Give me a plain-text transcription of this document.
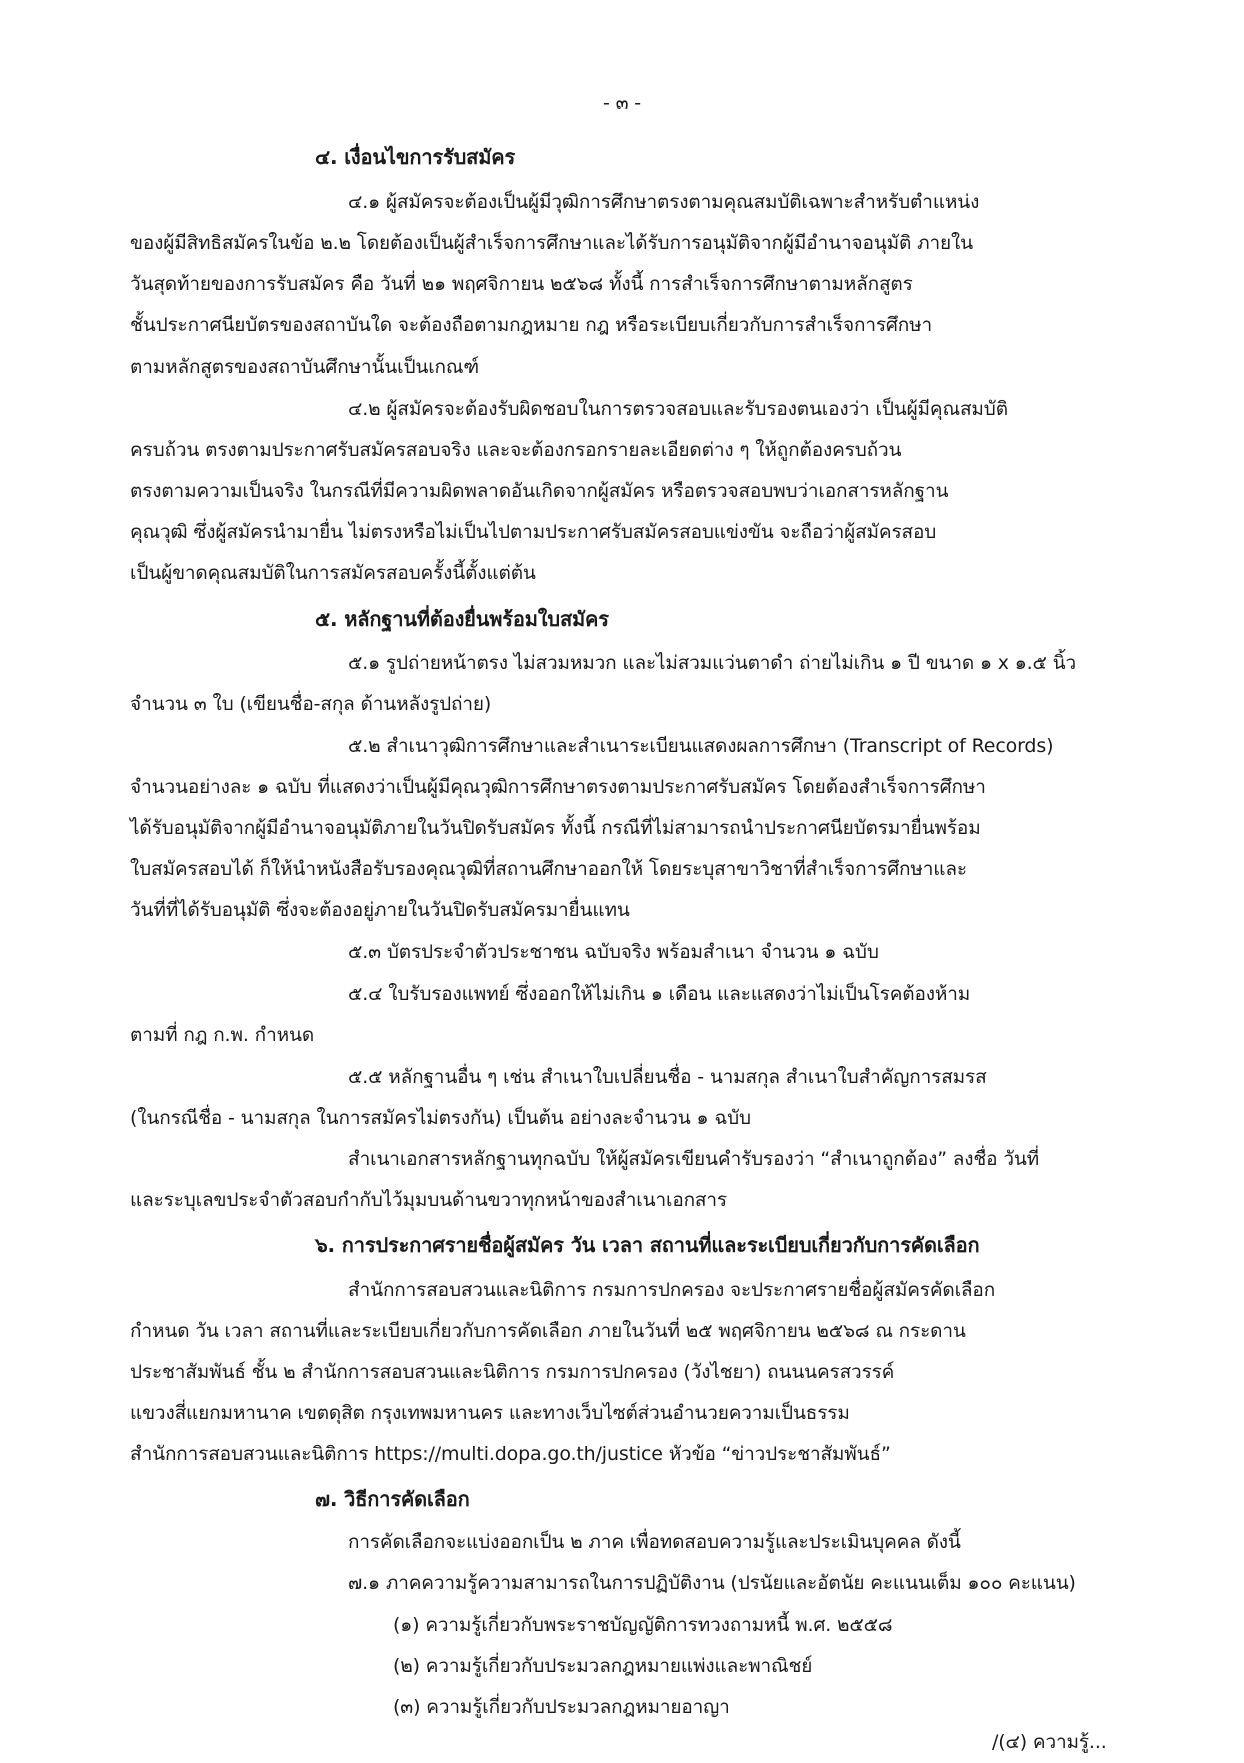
- ๓ -
๔. เงื่อนไขการรับสมัคร
๔.๑ ผู้สมัครจะต้องเป็นผู้มีวุฒิการศึกษาตรงตามคุณสมบัติเฉพาะสำหรับตำแหน่ง
ของผู้มีสิทธิสมัครในข้อ ๒.๒ โดยต้องเป็นผู้สำเร็จการศึกษาและได้รับการอนุมัติจากผู้มีอำนาจอนุมัติ ภายใน
วันสุดท้ายของการรับสมัคร คือ วันที่ ๒๑ พฤศจิกายน ๒๕๖๘ ทั้งนี้ การสำเร็จการศึกษาตามหลักสูตร
ชั้นประกาศนียบัตรของสถาบันใด จะต้องถือตามกฎหมาย กฎ หรือระเบียบเกี่ยวกับการสำเร็จการศึกษา
ตามหลักสูตรของสถาบันศึกษานั้นเป็นเกณฑ์
๔.๒ ผู้สมัครจะต้องรับผิดชอบในการตรวจสอบและรับรองตนเองว่า เป็นผู้มีคุณสมบัติ
ครบถ้วน ตรงตามประกาศรับสมัครสอบจริง และจะต้องกรอกรายละเอียดต่าง ๆ ให้ถูกต้องครบถ้วน
ตรงตามความเป็นจริง ในกรณีที่มีความผิดพลาดอันเกิดจากผู้สมัคร หรือตรวจสอบพบว่าเอกสารหลักฐาน
คุณวุฒิ ซึ่งผู้สมัครนำมายื่น ไม่ตรงหรือไม่เป็นไปตามประกาศรับสมัครสอบแข่งขัน จะถือว่าผู้สมัครสอบ
เป็นผู้ขาดคุณสมบัติในการสมัครสอบครั้งนี้ตั้งแต่ต้น
๕. หลักฐานที่ต้องยื่นพร้อมใบสมัคร
๕.๑ รูปถ่ายหน้าตรง ไม่สวมหมวก และไม่สวมแว่นตาดำ ถ่ายไม่เกิน ๑ ปี ขนาด ๑ x ๑.๕ นิ้ว
จำนวน ๓ ใบ (เขียนชื่อ-สกุล ด้านหลังรูปถ่าย)
๕.๒ สำเนาวุฒิการศึกษาและสำเนาระเบียนแสดงผลการศึกษา (Transcript of Records)
จำนวนอย่างละ ๑ ฉบับ ที่แสดงว่าเป็นผู้มีคุณวุฒิการศึกษาตรงตามประกาศรับสมัคร โดยต้องสำเร็จการศึกษา
ได้รับอนุมัติจากผู้มีอำนาจอนุมัติภายในวันปิดรับสมัคร ทั้งนี้ กรณีที่ไม่สามารถนำประกาศนียบัตรมายื่นพร้อม
ใบสมัครสอบได้ ก็ให้นำหนังสือรับรองคุณวุฒิที่สถานศึกษาออกให้ โดยระบุสาขาวิชาที่สำเร็จการศึกษาและ
วันที่ที่ได้รับอนุมัติ ซึ่งจะต้องอยู่ภายในวันปิดรับสมัครมายื่นแทน
๕.๓ บัตรประจำตัวประชาชน ฉบับจริง พร้อมสำเนา จำนวน ๑ ฉบับ
๕.๔ ใบรับรองแพทย์ ซึ่งออกให้ไม่เกิน ๑ เดือน และแสดงว่าไม่เป็นโรคต้องห้าม
ตามที่ กฎ ก.พ. กำหนด
๕.๕ หลักฐานอื่น ๆ เช่น สำเนาใบเปลี่ยนชื่อ - นามสกุล สำเนาใบสำคัญการสมรส
(ในกรณีชื่อ - นามสกุล ในการสมัครไม่ตรงกัน) เป็นต้น อย่างละจำนวน ๑ ฉบับ
สำเนาเอกสารหลักฐานทุกฉบับ ให้ผู้สมัครเขียนคำรับรองว่า “สำเนาถูกต้อง” ลงชื่อ วันที่
และระบุเลขประจำตัวสอบกำกับไว้มุมบนด้านขวาทุกหน้าของสำเนาเอกสาร
๖. การประกาศรายชื่อผู้สมัคร วัน เวลา สถานที่และระเบียบเกี่ยวกับการคัดเลือก
สำนักการสอบสวนและนิติการ กรมการปกครอง จะประกาศรายชื่อผู้สมัครคัดเลือก
กำหนด วัน เวลา สถานที่และระเบียบเกี่ยวกับการคัดเลือก ภายในวันที่ ๒๕ พฤศจิกายน ๒๕๖๘ ณ กระดาน
ประชาสัมพันธ์ ชั้น ๒ สำนักการสอบสวนและนิติการ กรมการปกครอง (วังไชยา) ถนนนครสวรรค์
แขวงสี่แยกมหานาค เขตดุสิต กรุงเทพมหานคร และทางเว็บไซต์ส่วนอำนวยความเป็นธรรม
สำนักการสอบสวนและนิติการ https://multi.dopa.go.th/justice หัวข้อ “ข่าวประชาสัมพันธ์”
๗. วิธีการคัดเลือก
การคัดเลือกจะแบ่งออกเป็น ๒ ภาค เพื่อทดสอบความรู้และประเมินบุคคล ดังนี้
๗.๑ ภาคความรู้ความสามารถในการปฏิบัติงาน (ปรนัยและอัตนัย คะแนนเต็ม ๑๐๐ คะแนน)
(๑) ความรู้เกี่ยวกับพระราชบัญญัติการทวงถามหนี้ พ.ศ. ๒๕๕๘
(๒) ความรู้เกี่ยวกับประมวลกฎหมายแพ่งและพาณิชย์
(๓) ความรู้เกี่ยวกับประมวลกฎหมายอาญา
/(๔) ความรู้...
